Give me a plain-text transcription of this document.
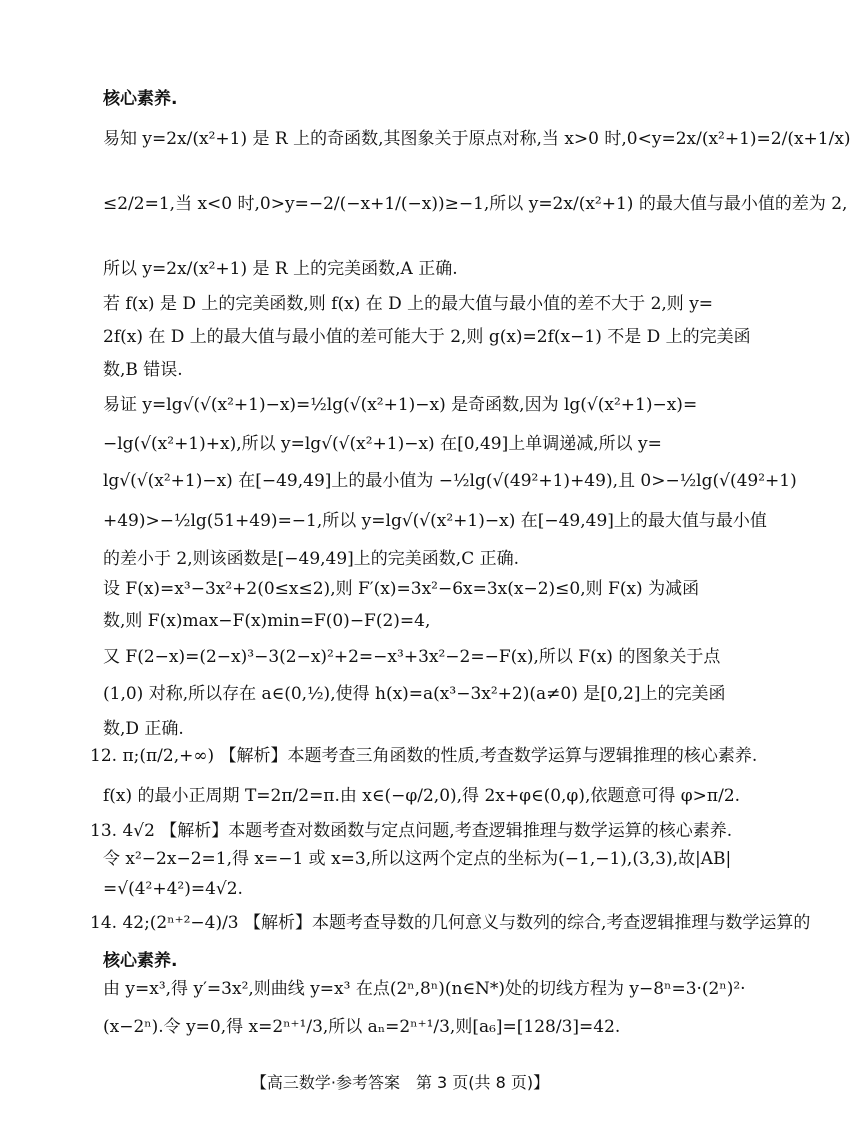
核心素养.
易知 y=2x/(x²+1) 是 R 上的奇函数,其图象关于原点对称,当 x>0 时,0<y=2x/(x²+1)=2/(x+1/x)
≤2/2=1,当 x<0 时,0>y=−2/(−x+1/(−x))≥−1,所以 y=2x/(x²+1) 的最大值与最小值的差为 2,
所以 y=2x/(x²+1) 是 R 上的完美函数,A 正确.
若 f(x) 是 D 上的完美函数,则 f(x) 在 D 上的最大值与最小值的差不大于 2,则 y=
2f(x) 在 D 上的最大值与最小值的差可能大于 2,则 g(x)=2f(x−1) 不是 D 上的完美函
数,B 错误.
易证 y=lg√(√(x²+1)−x)=½lg(√(x²+1)−x) 是奇函数,因为 lg(√(x²+1)−x)=
−lg(√(x²+1)+x),所以 y=lg√(√(x²+1)−x) 在[0,49]上单调递减,所以 y=
lg√(√(x²+1)−x) 在[−49,49]上的最小值为 −½lg(√(49²+1)+49),且 0>−½lg(√(49²+1)
+49)>−½lg(51+49)=−1,所以 y=lg√(√(x²+1)−x) 在[−49,49]上的最大值与最小值
的差小于 2,则该函数是[−49,49]上的完美函数,C 正确.
设 F(x)=x³−3x²+2(0≤x≤2),则 F′(x)=3x²−6x=3x(x−2)≤0,则 F(x) 为减函
数,则 F(x)max−F(x)min=F(0)−F(2)=4,
又 F(2−x)=(2−x)³−3(2−x)²+2=−x³+3x²−2=−F(x),所以 F(x) 的图象关于点
(1,0) 对称,所以存在 a∈(0,½),使得 h(x)=a(x³−3x²+2)(a≠0) 是[0,2]上的完美函
数,D 正确.
12. π;(π/2,+∞) 【解析】本题考查三角函数的性质,考查数学运算与逻辑推理的核心素养.
f(x) 的最小正周期 T=2π/2=π.由 x∈(−φ/2,0),得 2x+φ∈(0,φ),依题意可得 φ>π/2.
13. 4√2 【解析】本题考查对数函数与定点问题,考查逻辑推理与数学运算的核心素养.
令 x²−2x−2=1,得 x=−1 或 x=3,所以这两个定点的坐标为(−1,−1),(3,3),故|AB|
=√(4²+4²)=4√2.
14. 42;(2ⁿ⁺²−4)/3 【解析】本题考查导数的几何意义与数列的综合,考查逻辑推理与数学运算的
核心素养.
由 y=x³,得 y′=3x²,则曲线 y=x³ 在点(2ⁿ,8ⁿ)(n∈N*)处的切线方程为 y−8ⁿ=3·(2ⁿ)²·
(x−2ⁿ).令 y=0,得 x=2ⁿ⁺¹/3,所以 aₙ=2ⁿ⁺¹/3,则[a₆]=[128/3]=42.
【高三数学·参考答案　第 3 页(共 8 页)】
